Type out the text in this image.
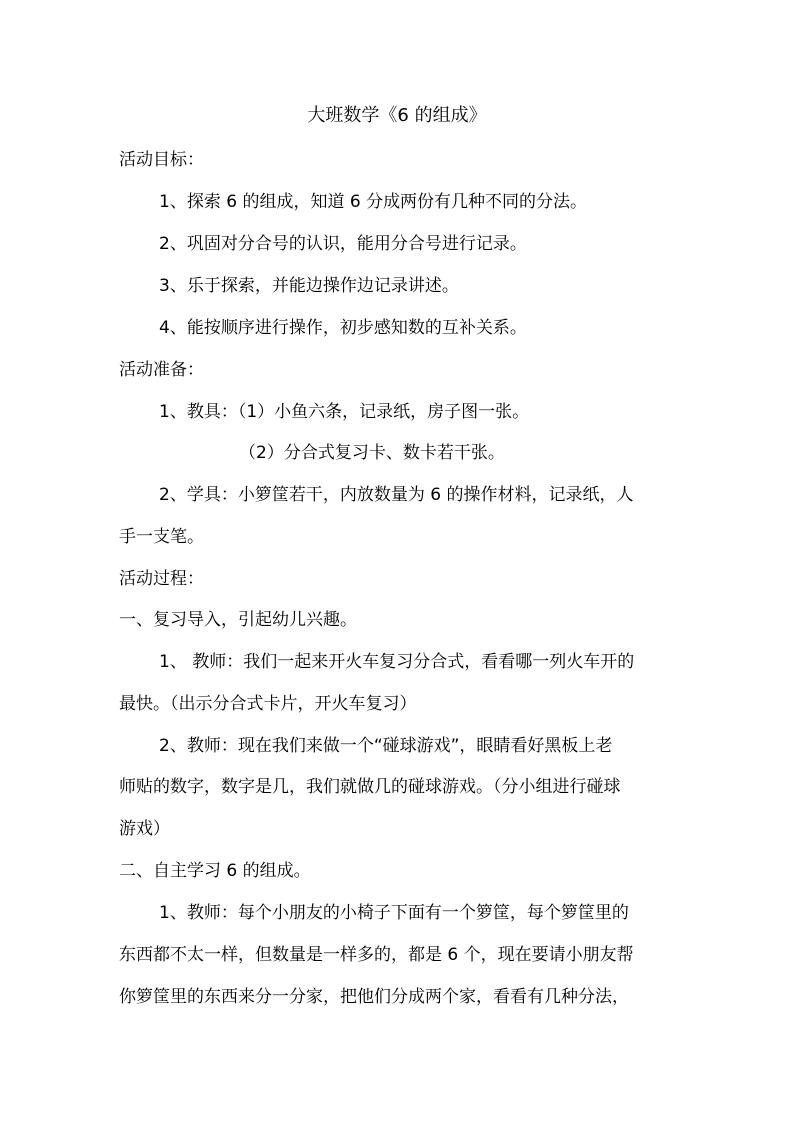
大班数学《6 的组成》
活动目标：
1、探索 6 的组成，知道 6 分成两份有几种不同的分法。
2、巩固对分合号的认识，能用分合号进行记录。
3、乐于探索，并能边操作边记录讲述。
4、能按顺序进行操作，初步感知数的互补关系。
活动准备：
1、教具：（1）小鱼六条，记录纸，房子图一张。
（2）分合式复习卡、数卡若干张。
2、学具：小箩筐若干，内放数量为 6 的操作材料，记录纸，人
手一支笔。
活动过程：
一、复习导入，引起幼儿兴趣。
1、 教师：我们一起来开火车复习分合式，看看哪一列火车开的
最快。（出示分合式卡片，开火车复习）
2、教师：现在我们来做一个“碰球游戏”，眼睛看好黑板上老
师贴的数字，数字是几，我们就做几的碰球游戏。（分小组进行碰球
游戏）
二、自主学习 6 的组成。
1、教师：每个小朋友的小椅子下面有一个箩筐，每个箩筐里的
东西都不太一样，但数量是一样多的，都是 6 个，现在要请小朋友帮
你箩筐里的东西来分一分家，把他们分成两个家，看看有几种分法，
